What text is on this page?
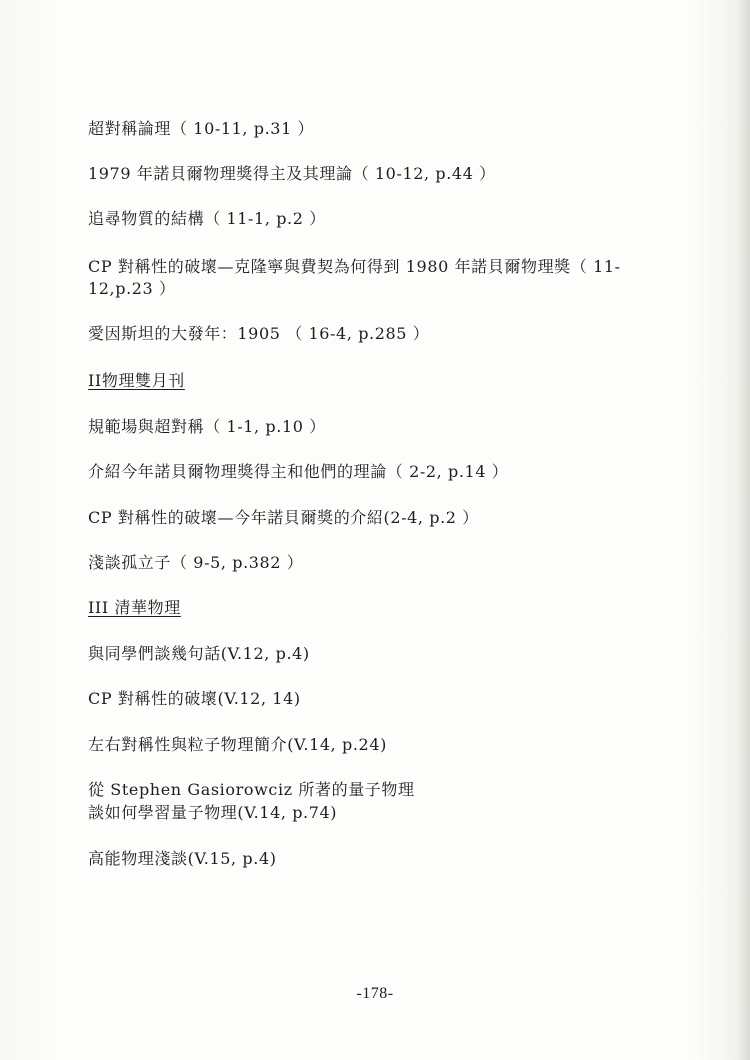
超對稱論理（ 10-11, p.31 ）
1979 年諾貝爾物理獎得主及其理論（ 10-12, p.44 ）
追尋物質的結構（ 11-1, p.2 ）
CP 對稱性的破壞—克隆寧與費契為何得到 1980 年諾貝爾物理獎（ 11-12,p.23 ）
愛因斯坦的大發年：1905 （ 16-4, p.285 ）
II物理雙月刊
規範場與超對稱（ 1-1, p.10 ）
介紹今年諾貝爾物理獎得主和他們的理論（ 2-2, p.14 ）
CP 對稱性的破壞—今年諾貝爾獎的介紹(2-4, p.2 ）
淺談孤立子（ 9-5, p.382 ）
III 清華物理
與同學們談幾句話(V.12, p.4)
CP 對稱性的破壞(V.12, 14)
左右對稱性與粒子物理簡介(V.14, p.24)
從 Stephen Gasiorowciz 所著的量子物理
談如何學習量子物理(V.14, p.74)
高能物理淺談(V.15, p.4)
-178-
